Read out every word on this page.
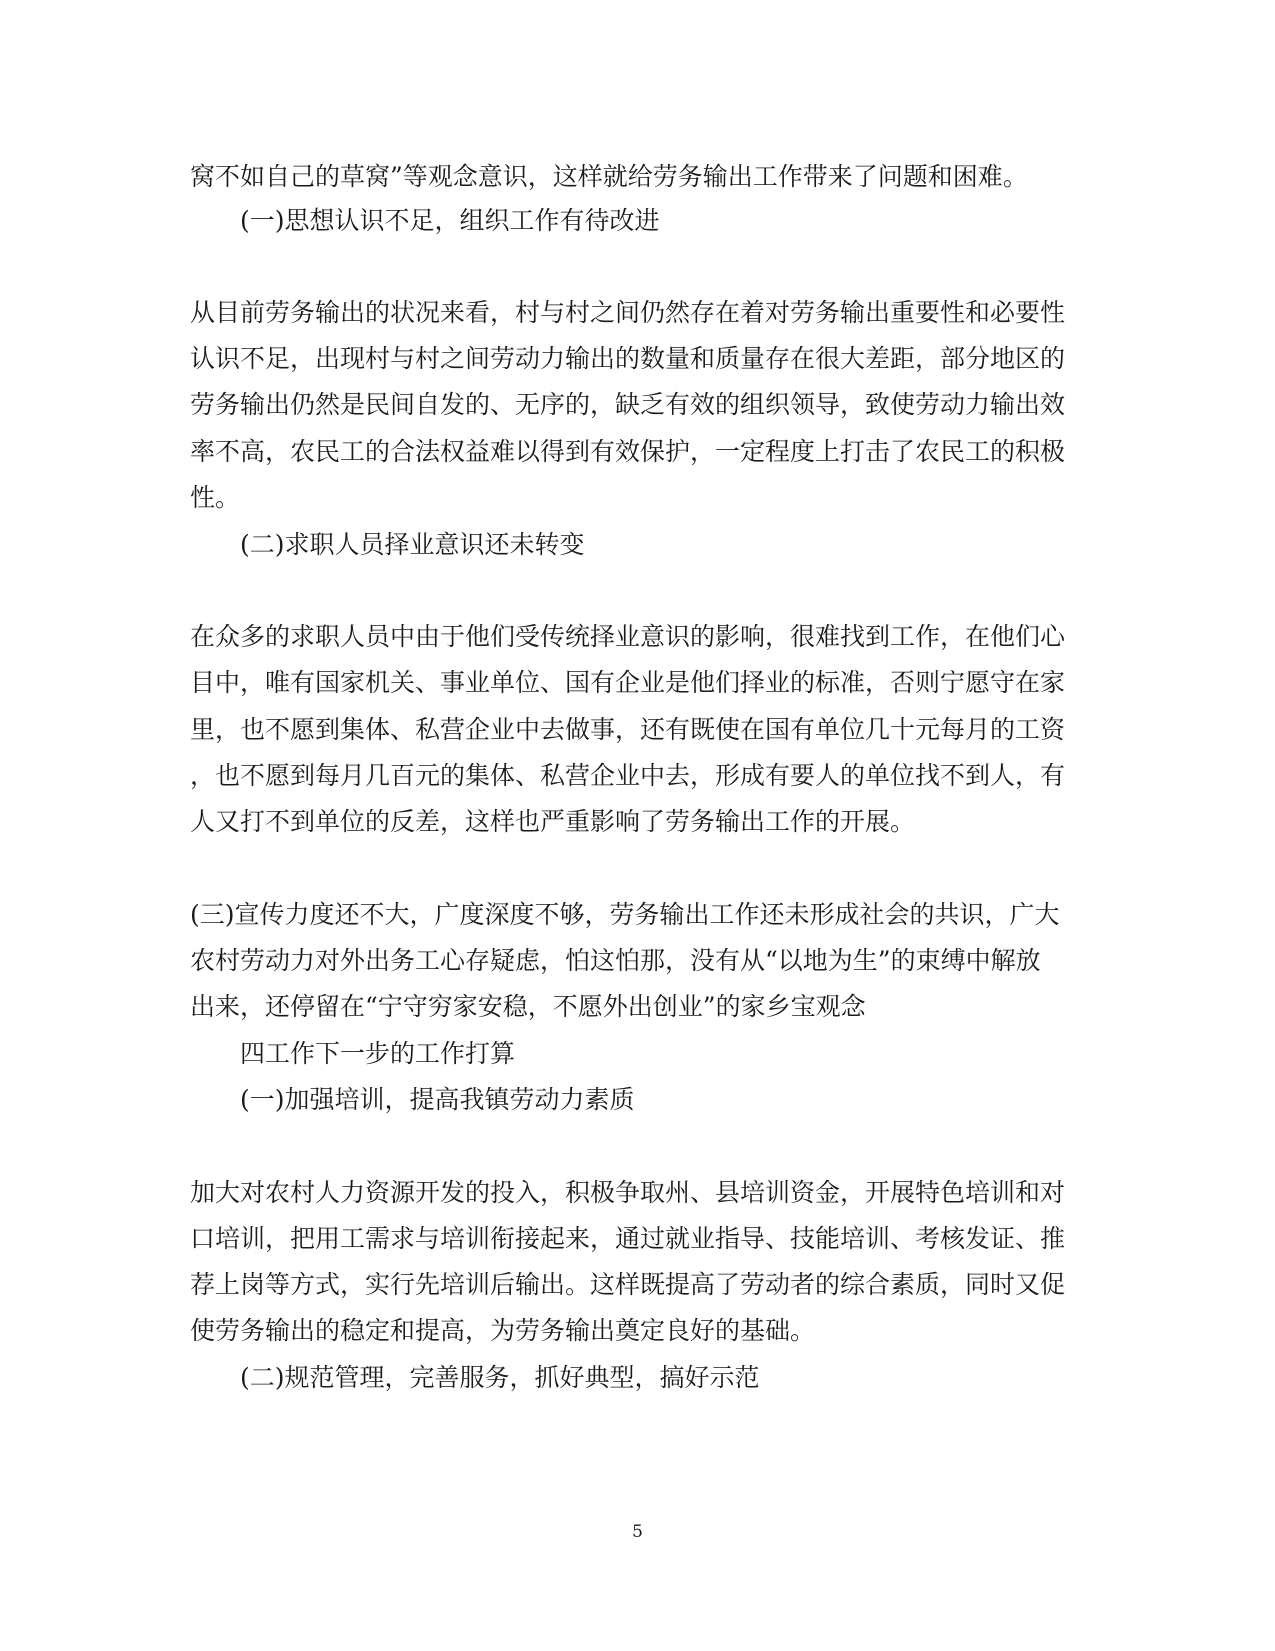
窝不如自己的草窝”等观念意识，这样就给劳务输出工作带来了问题和困难。
(一)思想认识不足，组织工作有待改进
从目前劳务输出的状况来看，村与村之间仍然存在着对劳务输出重要性和必要性
认识不足，出现村与村之间劳动力输出的数量和质量存在很大差距，部分地区的
劳务输出仍然是民间自发的、无序的，缺乏有效的组织领导，致使劳动力输出效
率不高，农民工的合法权益难以得到有效保护，一定程度上打击了农民工的积极
性。
(二)求职人员择业意识还未转变
在众多的求职人员中由于他们受传统择业意识的影响，很难找到工作，在他们心
目中，唯有国家机关、事业单位、国有企业是他们择业的标准，否则宁愿守在家
里，也不愿到集体、私营企业中去做事，还有既使在国有单位几十元每月的工资
，也不愿到每月几百元的集体、私营企业中去，形成有要人的单位找不到人，有
人又打不到单位的反差，这样也严重影响了劳务输出工作的开展。
(三)宣传力度还不大，广度深度不够，劳务输出工作还未形成社会的共识，广大
农村劳动力对外出务工心存疑虑，怕这怕那，没有从“以地为生”的束缚中解放
出来，还停留在“宁守穷家安稳，不愿外出创业”的家乡宝观念
四工作下一步的工作打算
(一)加强培训，提高我镇劳动力素质
加大对农村人力资源开发的投入，积极争取州、县培训资金，开展特色培训和对
口培训，把用工需求与培训衔接起来，通过就业指导、技能培训、考核发证、推
荐上岗等方式，实行先培训后输出。这样既提高了劳动者的综合素质，同时又促
使劳务输出的稳定和提高，为劳务输出奠定良好的基础。
(二)规范管理，完善服务，抓好典型，搞好示范
5
